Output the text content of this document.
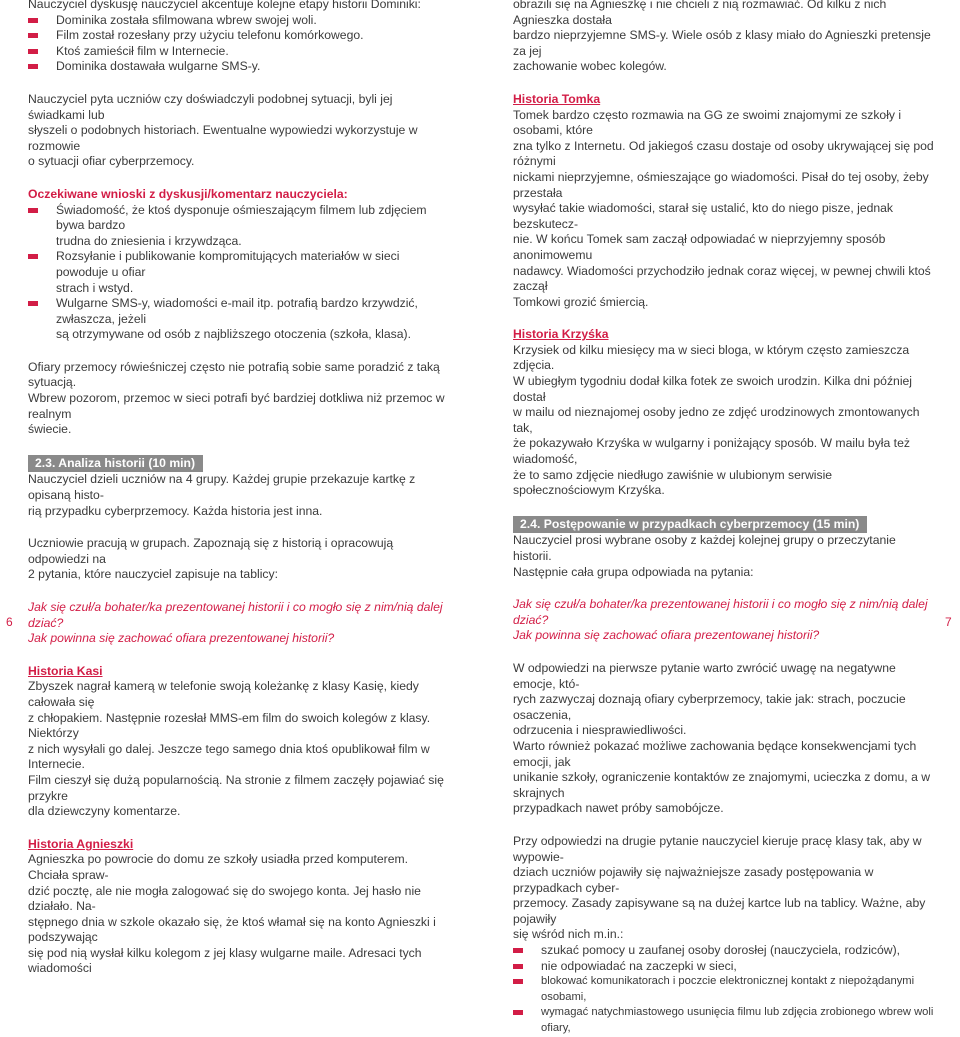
Nauczyciel dyskusję nauczyciel akcentuje kolejne etapy historii Dominiki:

Dominika została sfilmowana wbrew swojej woli.
Film został rozesłany przy użyciu telefonu komórkowego.
Ktoś zamieścił film w Internecie.
Dominika dostawała wulgarne SMS-y.

Nauczyciel pyta uczniów czy doświadczyli podobnej sytuacji, byli jej świadkami lub
słyszeli o podobnych historiach. Ewentualne wypowiedzi wykorzystuje w rozmowie
o sytuacji ofiar cyberprzemocy.

Oczekiwane wnioski z dyskusji/komentarz nauczyciela:

Świadomość, że ktoś dysponuje ośmieszającym filmem lub zdjęciem bywa bardzo
trudna do zniesienia i krzywdząca.
Rozsyłanie i publikowanie kompromitujących materiałów w sieci powoduje u ofiar
strach i wstyd.
Wulgarne SMS-y, wiadomości e-mail itp. potrafią bardzo krzywdzić, zwłaszcza, jeżeli
są otrzymywane od osób z najbliższego otoczenia (szkoła, klasa).

Ofiary przemocy rówieśniczej często nie potrafią sobie same poradzić z taką sytuacją.
Wbrew pozorom, przemoc w sieci potrafi być bardziej dotkliwa niż przemoc w realnym
świecie.

2.3. Analiza historii (10 min)

Nauczyciel dzieli uczniów na 4 grupy. Każdej grupie przekazuje kartkę z opisaną histo-
rią przypadku cyberprzemocy. Każda historia jest inna.

Uczniowie pracują w grupach. Zapoznają się z historią i opracowują odpowiedzi na
2 pytania, które nauczyciel zapisuje na tablicy:

Jak się czuł/a bohater/ka prezentowanej historii i co mogło się z nim/nią dalej dziać?
Jak powinna się zachować ofiara prezentowanej historii?

Historia Kasi

Zbyszek nagrał kamerą w telefonie swoją koleżankę z klasy Kasię, kiedy całowała się
z chłopakiem. Następnie rozesłał MMS-em film do swoich kolegów z klasy. Niektórzy
z nich wysyłali go dalej. Jeszcze tego samego dnia ktoś opublikował film w Internecie.
Film cieszył się dużą popularnością. Na stronie z filmem zaczęły pojawiać się przykre
dla dziewczyny komentarze.

Historia Agnieszki

Agnieszka po powrocie do domu ze szkoły usiadła przed komputerem. Chciała spraw-
dzić pocztę, ale nie mogła zalogować się do swojego konta. Jej hasło nie działało. Na-
stępnego dnia w szkole okazało się, że ktoś włamał się na konto Agnieszki i podszywając
się pod nią wysłał kilku kolegom z jej klasy wulgarne maile. Adresaci tych wiadomości

obrazili się na Agnieszkę i nie chcieli z nią rozmawiać. Od kilku z nich Agnieszka dostała
bardzo nieprzyjemne SMS-y. Wiele osób z klasy miało do Agnieszki pretensje za jej
zachowanie wobec kolegów.

Historia Tomka

Tomek bardzo często rozmawia na GG ze swoimi znajomymi ze szkoły i osobami, które
zna tylko z Internetu. Od jakiegoś czasu dostaje od osoby ukrywającej się pod różnymi
nickami nieprzyjemne, ośmieszające go wiadomości. Pisał do tej osoby, żeby przestała
wysyłać takie wiadomości, starał się ustalić, kto do niego pisze, jednak bezskutecz-
nie. W końcu Tomek sam zaczął odpowiadać w nieprzyjemny sposób anonimowemu
nadawcy. Wiadomości przychodziło jednak coraz więcej, w pewnej chwili ktoś zaczął
Tomkowi grozić śmiercią.

Historia Krzyśka

Krzysiek od kilku miesięcy ma w sieci bloga, w którym często zamieszcza zdjęcia.
W ubiegłym tygodniu dodał kilka fotek ze swoich urodzin. Kilka dni później dostał
w mailu od nieznajomej osoby jedno ze zdjęć urodzinowych zmontowanych tak,
że pokazywało Krzyśka w wulgarny i poniżający sposób. W mailu była też wiadomość,
że to samo zdjęcie niedługo zawiśnie w ulubionym serwisie społecznościowym Krzyśka.

2.4. Postępowanie w przypadkach cyberprzemocy (15 min)

Nauczyciel prosi wybrane osoby z każdej kolejnej grupy o przeczytanie historii.
Następnie cała grupa odpowiada na pytania:

Jak się czuł/a bohater/ka prezentowanej historii i co mogło się z nim/nią dalej dziać?
Jak powinna się zachować ofiara prezentowanej historii?

W odpowiedzi na pierwsze pytanie warto zwrócić uwagę na negatywne emocje, któ-
rych zazwyczaj doznają ofiary cyberprzemocy, takie jak: strach, poczucie osaczenia,
odrzucenia i niesprawiedliwości.

Warto również pokazać możliwe zachowania będące konsekwencjami tych emocji, jak
unikanie szkoły, ograniczenie kontaktów ze znajomymi, ucieczka z domu, a w skrajnych
przypadkach nawet próby samobójcze.

Przy odpowiedzi na drugie pytanie nauczyciel kieruje pracę klasy tak, aby w wypowie-
dziach uczniów pojawiły się najważniejsze zasady postępowania w przypadkach cyber-
przemocy. Zasady zapisywane są na dużej kartce lub na tablicy. Ważne, aby pojawiły
się wśród nich m.in.:

szukać pomocy u zaufanej osoby dorosłej (nauczyciela, rodziców),
nie odpowiadać na zaczepki w sieci,
blokować komunikatorach i poczcie elektronicznej kontakt z niepożądanymi osobami,
wymagać natychmiastowego usunięcia filmu lub zdjęcia zrobionego wbrew woli ofiary,
6	7
